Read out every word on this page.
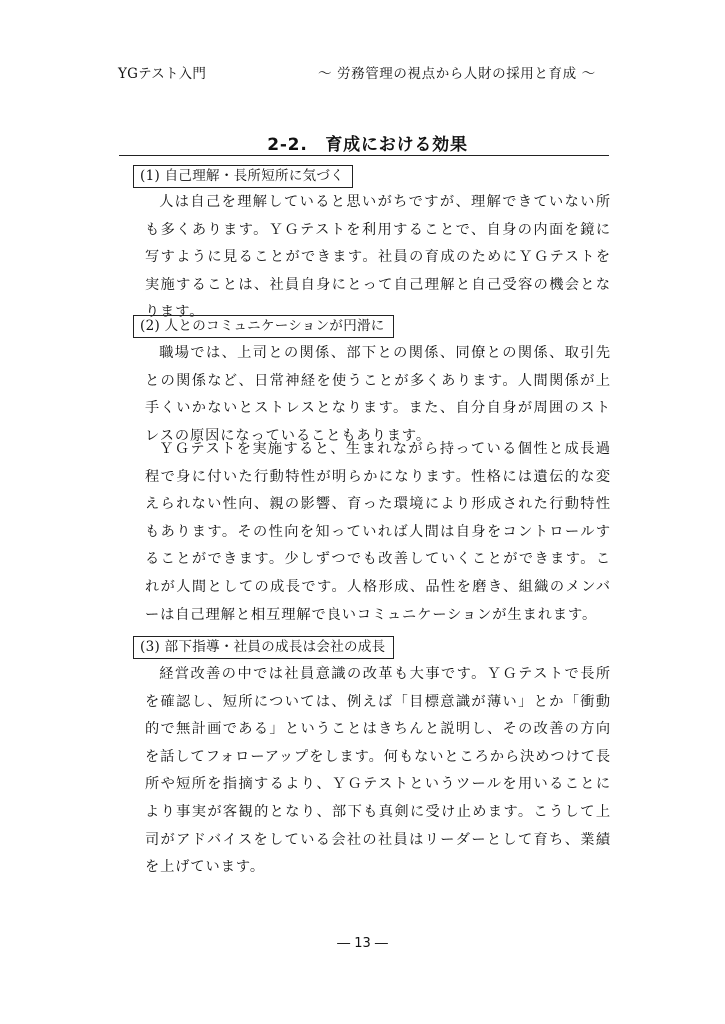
YGテスト入門	～ 労務管理の視点から人財の採用と育成 ～
2-2.　育成における効果
(1) 自己理解・長所短所に気づく

人は自己を理解していると思いがちですが、理解できていない所も多くあります。ＹＧテストを利用することで、自身の内面を鏡に写すように見ることができます。社員の育成のためにＹＧテストを実施することは、社員自身にとって自己理解と自己受容の機会となります。

(2) 人とのコミュニケーションが円滑に

職場では、上司との関係、部下との関係、同僚との関係、取引先との関係など、日常神経を使うことが多くあります。人間関係が上手くいかないとストレスとなります。また、自分自身が周囲のストレスの原因になっていることもあります。

ＹＧテストを実施すると、生まれながら持っている個性と成長過程で身に付いた行動特性が明らかになります。性格には遺伝的な変えられない性向、親の影響、育った環境により形成された行動特性もあります。その性向を知っていれば人間は自身をコントロールすることができます。少しずつでも改善していくことができます。これが人間としての成長です。人格形成、品性を磨き、組織のメンバーは自己理解と相互理解で良いコミュニケーションが生まれます。

(3) 部下指導・社員の成長は会社の成長

経営改善の中では社員意識の改革も大事です。ＹＧテストで長所を確認し、短所については、例えば「目標意識が薄い」とか「衝動的で無計画である」ということはきちんと説明し、その改善の方向を話してフォローアップをします。何もないところから決めつけて長所や短所を指摘するより、ＹＧテストというツールを用いることにより事実が客観的となり、部下も真剣に受け止めます。こうして上司がアドバイスをしている会社の社員はリーダーとして育ち、業績を上げています。

― 13 ―
